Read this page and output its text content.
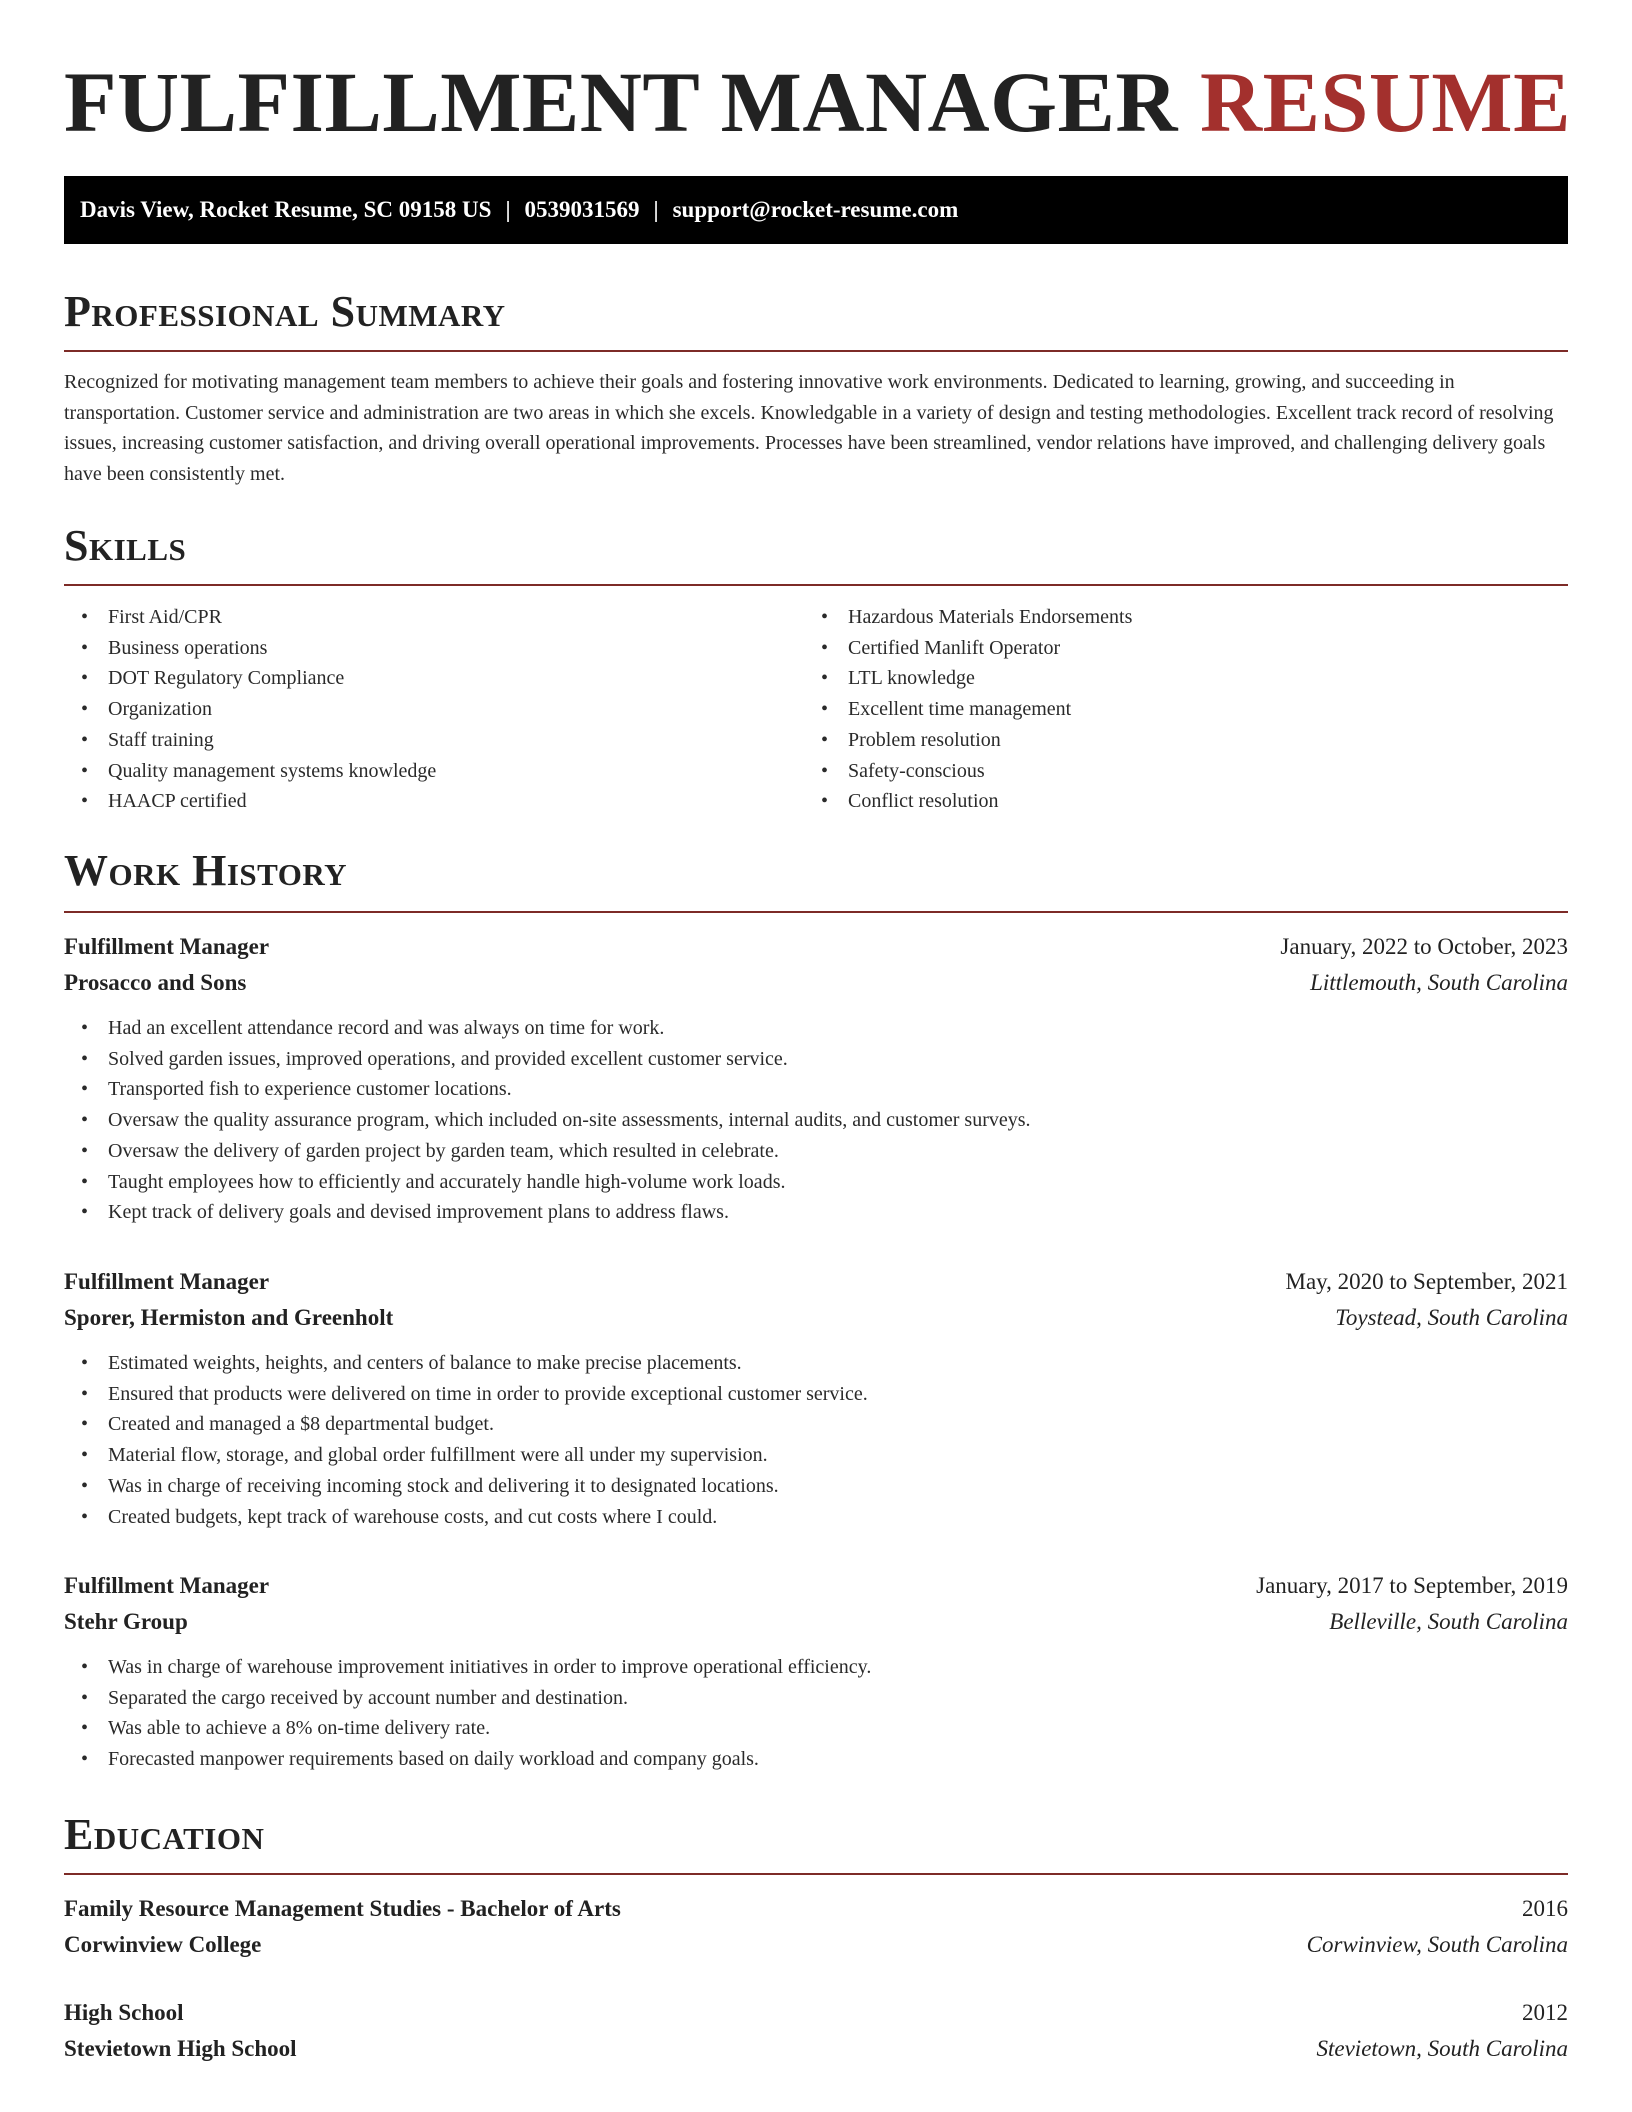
FULFILLMENT MANAGER RESUME
Davis View, Rocket Resume, SC 09158 US | 0539031569 | support@rocket-resume.com
Professional Summary

Recognized for motivating management team members to achieve their goals and fostering innovative work environments. Dedicated to learning, growing, and succeeding in transportation. Customer service and administration are two areas in which she excels. Knowledgable in a variety of design and testing methodologies. Excellent track record of resolving issues, increasing customer satisfaction, and driving overall operational improvements. Processes have been streamlined, vendor relations have improved, and challenging delivery goals have been consistently met.

Skills
• First Aid/CPR
• Business operations
• DOT Regulatory Compliance
• Organization
• Staff training
• Quality management systems knowledge
• HAACP certified
• Hazardous Materials Endorsements
• Certified Manlift Operator
• LTL knowledge
• Excellent time management
• Problem resolution
• Safety-conscious
• Conflict resolution
Work History
Fulfillment Manager	January, 2022 to October, 2023
Prosacco and Sons	Littlemouth, South Carolina
• Had an excellent attendance record and was always on time for work.
• Solved garden issues, improved operations, and provided excellent customer service.
• Transported fish to experience customer locations.
• Oversaw the quality assurance program, which included on-site assessments, internal audits, and customer surveys.
• Oversaw the delivery of garden project by garden team, which resulted in celebrate.
• Taught employees how to efficiently and accurately handle high-volume work loads.
• Kept track of delivery goals and devised improvement plans to address flaws.
Fulfillment Manager	May, 2020 to September, 2021
Sporer, Hermiston and Greenholt	Toystead, South Carolina
• Estimated weights, heights, and centers of balance to make precise placements.
• Ensured that products were delivered on time in order to provide exceptional customer service.
• Created and managed a $8 departmental budget.
• Material flow, storage, and global order fulfillment were all under my supervision.
• Was in charge of receiving incoming stock and delivering it to designated locations.
• Created budgets, kept track of warehouse costs, and cut costs where I could.
Fulfillment Manager	January, 2017 to September, 2019
Stehr Group	Belleville, South Carolina
• Was in charge of warehouse improvement initiatives in order to improve operational efficiency.
• Separated the cargo received by account number and destination.
• Was able to achieve a 8% on-time delivery rate.
• Forecasted manpower requirements based on daily workload and company goals.
Education
Family Resource Management Studies - Bachelor of Arts	2016
Corwinview College	Corwinview, South Carolina
High School	2012
Stevietown High School	Stevietown, South Carolina
